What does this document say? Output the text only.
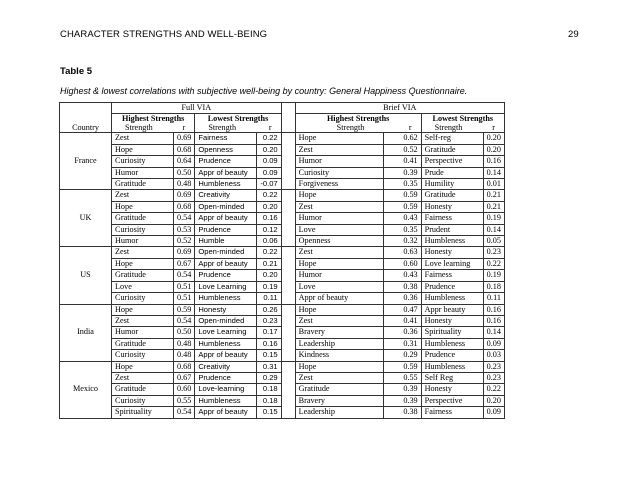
CHARACTER STRENGTHS AND WELL-BEING	29
Table 5
Highest & lowest correlations with subjective well-being by country: General Happiness Questionnaire.
	Full VIA					Brief VIA			
	Highest Strengths		Lowest Strengths			Highest Strengths		Lowest Strengths	
Country	Strength r		Strength r			Strength r		Strength r	

France	Zest	0.69	Fairness	0.22		Hope	0.62	Self-reg	0.20
	Hope	0.68	Openness	0.20		Zest	0.52	Gratitude	0.20
	Curiosity	0.64	Prudence	0.09		Humor	0.41	Perspective	0.16
	Humor	0.50	Appr of beauty	0.09		Curiosity	0.39	Prude	0.14
	Gratitude	0.48	Humbleness	-0.07		Forgiveness	0.35	Humility	0.01
UK	Zest	0.69	Creativity	0.22		Hope	0.59	Gratitude	0.21
	Hope	0.68	Open-minded	0.20		Zest	0.59	Honesty	0.21
	Gratitude	0.54	Appr of beauty	0.16		Humor	0.43	Fairness	0.19
	Curiosity	0.53	Prudence	0.12		Love	0.35	Prudent	0.14
	Humor	0.52	Humble	0.06		Openness	0.32	Humbleness	0.05
US	Zest	0.69	Open-minded	0.22		Zest	0.63	Honesty	0.23
	Hope	0.67	Appr of beauty	0.21		Hope	0.60	Love learning	0.22
	Gratitude	0.54	Prudence	0.20		Humor	0.43	Fairness	0.19
	Love	0.51	Love Learning	0.19		Love	0.38	Prudence	0.18
	Curiosity	0.51	Humbleness	0.11		Appr of beauty	0.36	Humbleness	0.11
India	Hope	0.59	Honesty	0.26		Hope	0.47	Appr beauty	0.16
	Zest	0.54	Open-minded	0.23		Zest	0.41	Honesty	0.16
	Humor	0.50	Love Learning	0.17		Bravery	0.36	Spirituality	0.14
	Gratitude	0.48	Humbleness	0.16		Leadership	0.31	Humbleness	0.09
	Curiosity	0.48	Appr of beauty	0.15		Kindness	0.29	Prudence	0.03
Mexico	Hope	0.68	Creativity	0.31		Hope	0.59	Humbleness	0.23
	Zest	0.67	Prudence	0.29		Zest	0.55	Self Reg	0.23
	Gratitude	0.60	Love-learning	0.18		Gratitude	0.39	Honesty	0.22
	Curiosity	0.55	Humbleness	0.18		Bravery	0.39	Perspective	0.20
	Spirituality	0.54	Appr of beauty	0.15		Leadership	0.38	Fairness	0.09
